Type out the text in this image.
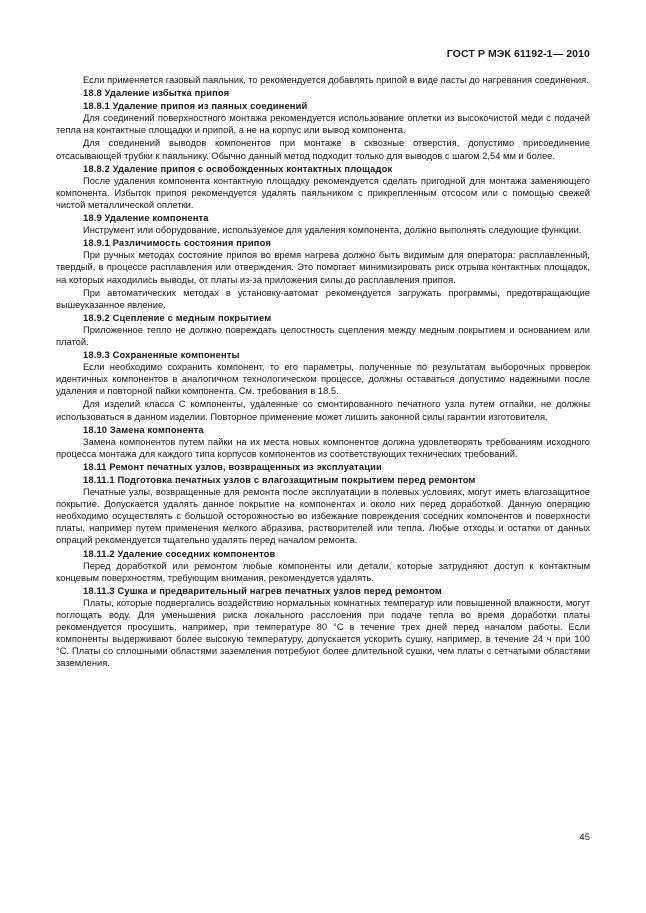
ГОСТ Р МЭК 61192-1— 2010

Если применяется газовый паяльник, то рекомендуется добавлять припой в виде пасты до нагревания соединения.

18.8 Удаление избытка припоя
18.8.1 Удаление припоя из паяных соединений

Для соединений поверхностного монтажа рекомендуется использование оплетки из высокочистой меди с подачей тепла на контактные площадки и припой, а не на корпус или вывод компонента.

Для соединений выводов компонентов при монтаже в сквозные отверстия, допустимо присоединение отсасывающей трубки к паяльнику. Обычно данный метод подходит только для выводов с шагом 2,54 мм и более.

18.8.2 Удаление припоя с освобожденных контактных площадок

После удаления компонента контактную площадку рекомендуется сделать пригодной для монтажа заменяющего компонента. Избыток припоя рекомендуется удалять паяльником с прикрепленным отсосом или с помощью свежей чистой металлической оплетки.

18.9 Удаление компонента

Инструмент или оборудование, используемое для удаления компонента, должно выполнять следующие функции.

18.9.1 Различимость состояния припоя

При ручных методах состояние припоя во время нагрева должно быть видимым для оператора: расплавленный, твердый, в процессе расплавления или отверждения. Это помогает минимизировать риск отрыва контактных площадок, на которых находились выводы, от платы из-за приложения силы до расплавления припоя.

При автоматических методах в установку-автомат рекомендуется загружать программы, предотвращающие вышеуказанное явление.

18.9.2 Сцепление с медным покрытием

Приложенное тепло не должно повреждать целостность сцепления между медным покрытием и основанием или платой.

18.9.3 Сохраненные компоненты

Если необходимо сохранить компонент, то его параметры, полученные по результатам выборочных проверок идентичных компонентов в аналогичном технологическом процессе, должны оставаться допустимо надежными после удаления и повторной пайки компонента. См. требования в 18.5.

Для изделий класса С компоненты, удаленные со смонтированного печатного узла путем отпайки, не должны использоваться в данном изделии. Повторное применение может лишить законной силы гарантии изготовителя.

18.10 Замена компонента

Замена компонентов путем пайки на их места новых компонентов должна удовлетворять требованиям исходного процесса монтажа для каждого типа корпусов компонентов из соответствующих технических требований.

18.11 Ремонт печатных узлов, возвращенных из эксплуатации
18.11.1 Подготовка печатных узлов с влагозащитным покрытием перед ремонтом

Печатные узлы, возвращенные для ремонта после эксплуатации в полевых условиях, могут иметь влагозащитное покрытие. Допускается удалять данное покрытие на компонентах и около них перед доработкой. Данную операцию необходимо осуществлять с большой осторожностью во избежание повреждения соседних компонентов и поверхности платы, например путем применения мелкого абразива, растворителей или тепла. Любые отходы и остатки от данных опраций рекомендуется тщательно удалять перед началом ремонта.

18.11.2 Удаление соседних компонентов

Перед доработкой или ремонтом любые компоненты или детали, которые затрудняют доступ к контактным концевым поверхностям, требующим внимания, рекомендуется удалять.

18.11.3 Сушка и предварительный нагрев печатных узлов перед ремонтом

Платы, которые подвергались воздействию нормальных комнатных температур или повышенной влажности, могут поглощать воду. Для уменьшения риска локального расслоения при подаче тепла во время доработки платы рекомендуется просушить, например, при температуре 80 °С в течение трех дней перед началом работы. Если компоненты выдерживают более высокую температуру, допускается ускорить сушку, например, в течение 24 ч при 100 °С. Платы со сплошными областями заземления потребуют более длительной сушки, чем платы с сетчатыми областями заземления.

45
